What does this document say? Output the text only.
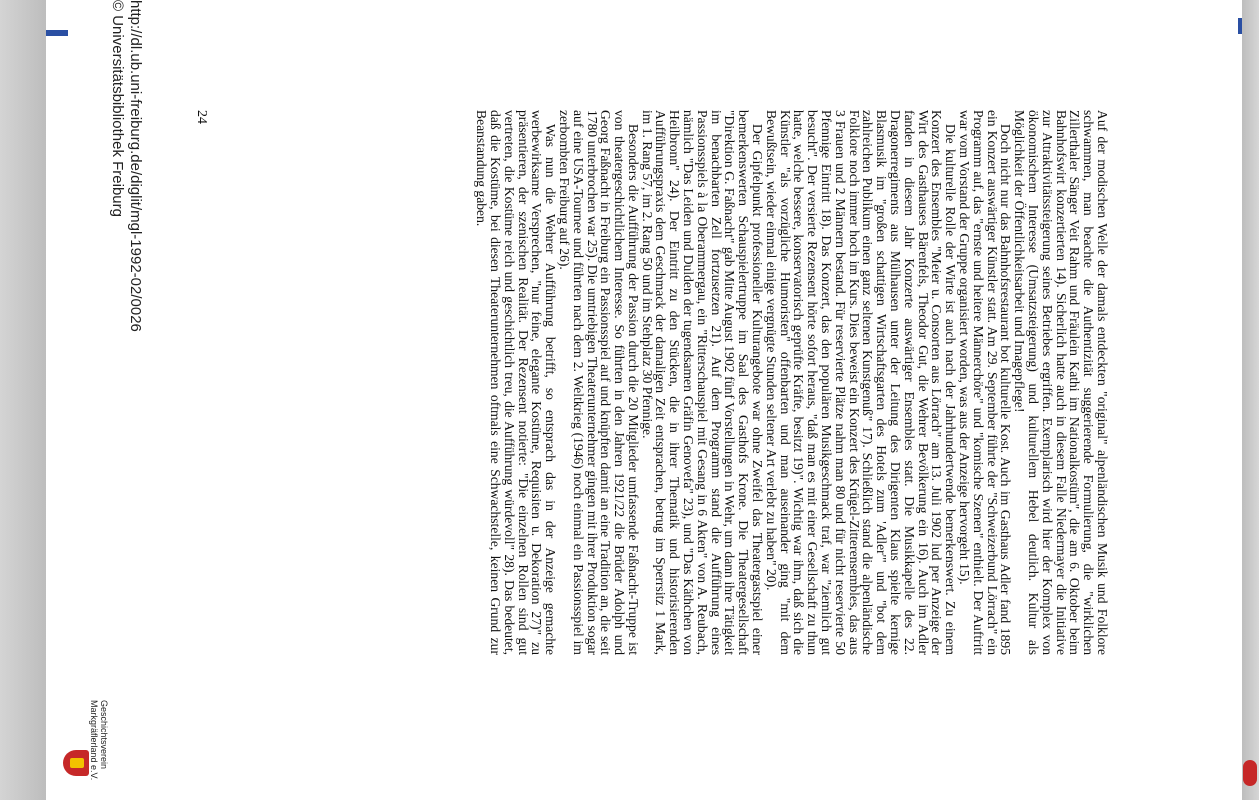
Auf der modischen Welle der damals entdeckten "original" alpenländischen Musik und Folklore schwammen, man beachte die Authentizität suggerierende Formulierung, die "wirklichen Zillerthaler Sänger Veit Rahm und Fräulein Kathi im Nationalkostüm", die am 6. Oktober beim Bahnhofswirt konzertierten 14). Sicherlich hatte auch in diesem Falle Niedermayer die Initiative zur Attraktivitätssteigerung seines Betriebes ergriffen. Exemplarisch wird hier der Komplex von ökonomischem Interesse (Umsatzsteigerung) und kulturellem Hebel deutlich. Kultur als Möglichkeit der Öffentlichkeitsarbeit und Imagepflege!

Doch nicht nur das Bahnhofsrestaurant bot kulturelle Kost. Auch im Gasthaus Adler fand 1895 ein Konzert auswärtiger Künstler statt. Am 29. September führte der "Schweizerbund Lörrach" ein Programm auf, das "ernste und heitere Männerchöre" und "komische Szenen" enthielt. Der Auftritt war vom Vorstand der Gruppe organisiert worden, was aus der Anzeige hervorgeht 15).

Die kulturelle Rolle der Wirte ist auch nach der Jahrhundertwende bemerkenswert. Zu einem Konzert des Ensembles "Meier u. Consorten aus Lörrach" am 13. Juli 1902 lud per Anzeige der Wirt des Gasthauses Bärenfels, Theodor Gut, die Wehrer Bevölkerung ein 16). Auch im Adler fanden in diesem Jahr Konzerte auswärtiger Ensembles statt. Die Musikkapelle des 22. Dragonerregiments aus Mülhausen unter der Leitung des Dirigenten Klaus spielte kernige Blasmusik im "großen schattigen Wirtschaftsgarten des Hotels zum 'Adler'" und "bot dem zahlreichen Publikum einen ganz seltenen Kunstgenuß" 17). Schließlich stand die alpenländische Folklore noch immer hoch im Kurs. Dies beweist ein Konzert des Krügel-Zitterensembles, das aus 3 Frauen und 2 Männern bestand. Für reservierte Plätze nahm man 80 und für nicht reservierte 50 Pfennige Eintritt 18). Das Konzert, das den populären Musikgeschmack traf, war "ziemlich gut besucht". Der versierte Rezensent hörte sofort heraus, "daß man es mit einer Gesellschaft zu thun hatte, welche bessere, konservatorisch geprüfte Kräfte, besitzt 19)". Wichtig war ihm, daß sich die Künstler "als vorzügliche Humoristen" offenbarten und man auseinander ging "mit dem Bewußtsein, wieder einmal einige vergnügte Stunden seltener Art verlebt zu haben" 20).

Der Gipfelpunkt professioneller Kulturangebote war ohne Zweifel das Theatergastspiel einer bemerkenswerten Schauspielertruppe im Saal des Gasthofs Krone. Die Theatergesellschaft "Direktion G. Faßnacht" gab Mitte August 1902 fünf Vorstellungen in Wehr, um dann ihre Tätigkeit im benachbarten Zell fortzusetzen 21). Auf dem Programm stand die Aufführung eines Passionsspiels à la Oberammergau, ein "Ritterschauspiel mit Gesang in 6 Akten" von A. Reubach, nämlich "Das Leiden und Dulden der tugendsamen Gräfin Genovefa" 23), und "Das Käthchen von Heilbronn" 24). Der Eintritt zu den Stücken, die in ihrer Thematik und historisierenden Aufführungspraxis dem Geschmack der damaligen Zeit entsprachen, betrug im Sperrsitz 1 Mark, im 1. Rang 57, im 2. Rang 50 und im Stehplatz 30 Pfennige.

Besonders die Aufführung der Passion durch die 20 Mitglieder umfassende Faßnacht-Truppe ist von theatergeschichtlichem Interesse. So führten in den Jahren 1921/22 die Brüder Adolph und Georg Faßnacht in Freiburg ein Passionsspiel auf und knüpften damit an eine Tradition an, die seit 1780 unterbrochen war 25). Die umtriebigen Theaterunternehmer gingen mit ihrer Produktion sogar auf eine USA-Tournee und führten nach dem 2. Weltkrieg (1946) noch einmal ein Passionsspiel im zerbombten Freiburg auf 26).

Was nun die Wehrer Aufführung betrifft, so entsprach das in der Anzeige gemachte werbewirksame Versprechen, "nur feine, elegante Kostüme, Requisiten u. Dekoration 27)" zu präsentieren, der szenischen Realität. Der Rezensent notierte: "Die einzelnen Rollen sind gut vertreten, die Kostüme reich und geschichtlich treu, die Aufführung würdevoll" 28). Das bedeutet, daß die Kostüme, bei diesen Theaterunternehmen oftmals eine Schwachstelle, keinen Grund zur Beanstandung gaben.

24
http://dl.ub.uni-freiburg.de/diglit/mgl-1992-02/0026
© Universitätsbibliothek Freiburg
Geschichtsverein
Markgräflerland e.V.
